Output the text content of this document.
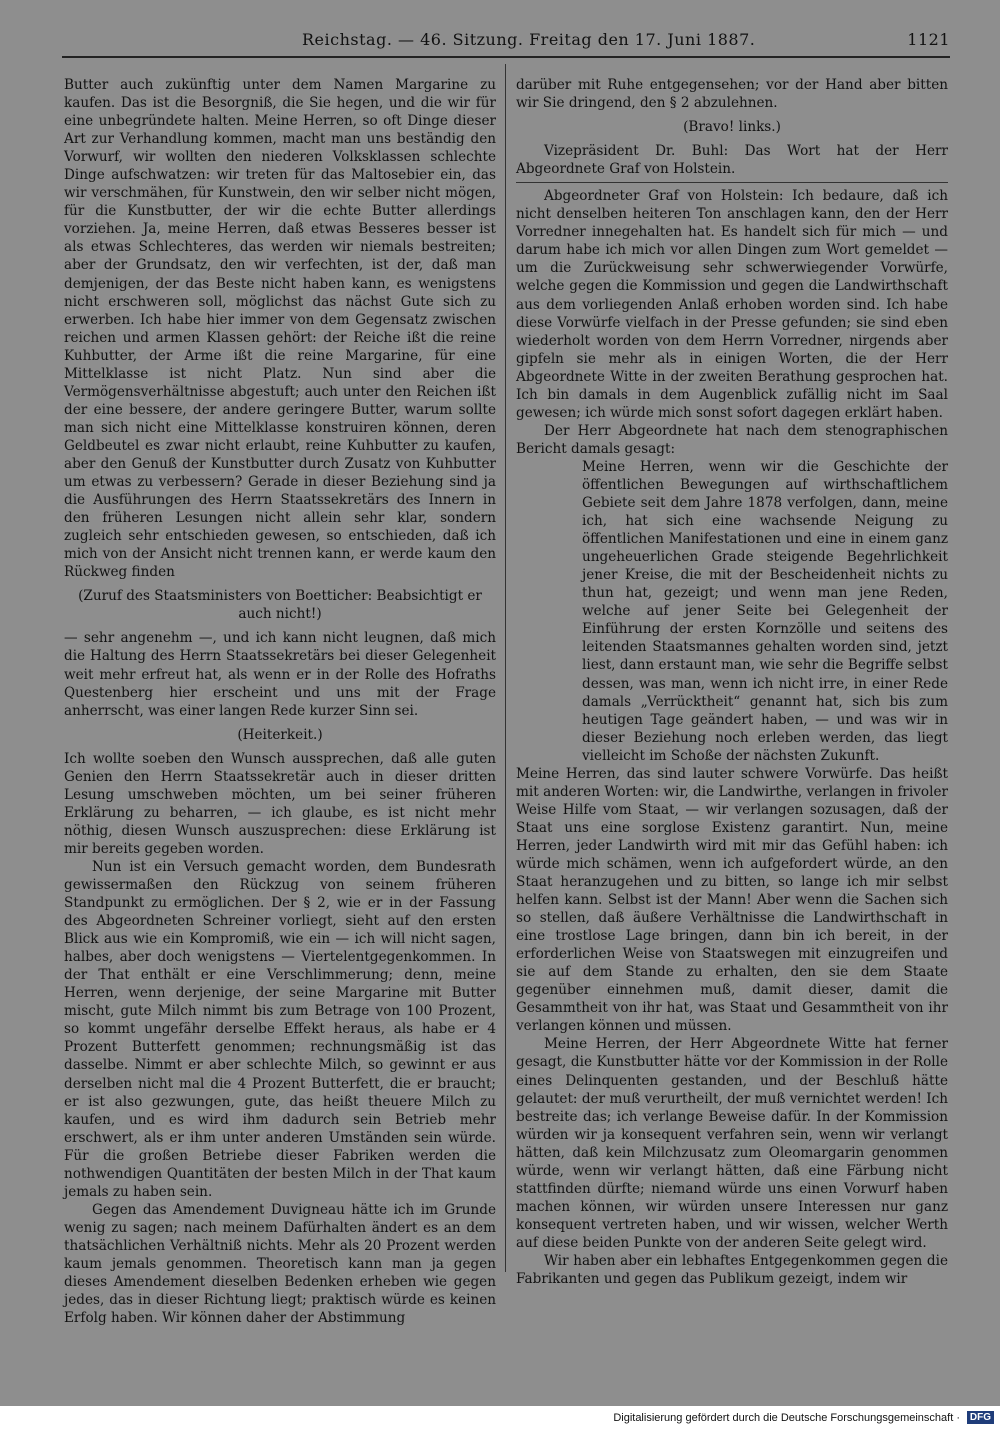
Reichstag. — 46. Sitzung. Freitag den 17. Juni 1887.	1121

Butter auch zukünftig unter dem Namen Margarine zu kaufen. Das ist die Besorgniß, die Sie hegen, und die wir für eine unbegründete halten. Meine Herren, so oft Dinge dieser Art zur Verhandlung kommen, macht man uns beständig den Vorwurf, wir wollten den niederen Volksklassen schlechte Dinge aufschwatzen: wir treten für das Maltosebier ein, das wir verschmähen, für Kunstwein, den wir selber nicht mögen, für die Kunstbutter, der wir die echte Butter allerdings vorziehen. Ja, meine Herren, daß etwas Besseres besser ist als etwas Schlechteres, das werden wir niemals bestreiten; aber der Grundsatz, den wir verfechten, ist der, daß man demjenigen, der das Beste nicht haben kann, es wenigstens nicht erschweren soll, möglichst das nächst Gute sich zu erwerben. Ich habe hier immer von dem Gegensatz zwischen reichen und armen Klassen gehört: der Reiche ißt die reine Kuhbutter, der Arme ißt die reine Margarine, für eine Mittelklasse ist nicht Platz. Nun sind aber die Vermögensverhältnisse abgestuft; auch unter den Reichen ißt der eine bessere, der andere geringere Butter, warum sollte man sich nicht eine Mittelklasse konstruiren können, deren Geldbeutel es zwar nicht erlaubt, reine Kuhbutter zu kaufen, aber den Genuß der Kunstbutter durch Zusatz von Kuhbutter um etwas zu verbessern? Gerade in dieser Beziehung sind ja die Ausführungen des Herrn Staatssekretärs des Innern in den früheren Lesungen nicht allein sehr klar, sondern zugleich sehr entschieden gewesen, so entschieden, daß ich mich von der Ansicht nicht trennen kann, er werde kaum den Rückweg finden

(Zuruf des Staatsministers von Boetticher: Beabsichtigt er auch nicht!)

— sehr angenehm —, und ich kann nicht leugnen, daß mich die Haltung des Herrn Staatssekretärs bei dieser Gelegenheit weit mehr erfreut hat, als wenn er in der Rolle des Hofraths Questenberg hier erscheint und uns mit der Frage anherrscht, was einer langen Rede kurzer Sinn sei.

(Heiterkeit.)

Ich wollte soeben den Wunsch aussprechen, daß alle guten Genien den Herrn Staatssekretär auch in dieser dritten Lesung umschweben möchten, um bei seiner früheren Erklärung zu beharren, — ich glaube, es ist nicht mehr nöthig, diesen Wunsch auszusprechen: diese Erklärung ist mir bereits gegeben worden.

Nun ist ein Versuch gemacht worden, dem Bundesrath gewissermaßen den Rückzug von seinem früheren Standpunkt zu ermöglichen. Der § 2, wie er in der Fassung des Abgeordneten Schreiner vorliegt, sieht auf den ersten Blick aus wie ein Kompromiß, wie ein — ich will nicht sagen, halbes, aber doch wenigstens — Viertelentgegenkommen. In der That enthält er eine Verschlimmerung; denn, meine Herren, wenn derjenige, der seine Margarine mit Butter mischt, gute Milch nimmt bis zum Betrage von 100 Prozent, so kommt ungefähr derselbe Effekt heraus, als habe er 4 Prozent Butterfett genommen; rechnungsmäßig ist das dasselbe. Nimmt er aber schlechte Milch, so gewinnt er aus derselben nicht mal die 4 Prozent Butterfett, die er braucht; er ist also gezwungen, gute, das heißt theuere Milch zu kaufen, und es wird ihm dadurch sein Betrieb mehr erschwert, als er ihm unter anderen Umständen sein würde. Für die großen Betriebe dieser Fabriken werden die nothwendigen Quantitäten der besten Milch in der That kaum jemals zu haben sein.

Gegen das Amendement Duvigneau hätte ich im Grunde wenig zu sagen; nach meinem Dafürhalten ändert es an dem thatsächlichen Verhältniß nichts. Mehr als 20 Prozent werden kaum jemals genommen. Theoretisch kann man ja gegen dieses Amendement dieselben Bedenken erheben wie gegen jedes, das in dieser Richtung liegt; praktisch würde es keinen Erfolg haben. Wir können daher der Abstimmung

darüber mit Ruhe entgegensehen; vor der Hand aber bitten wir Sie dringend, den § 2 abzulehnen.

(Bravo! links.)

Vizepräsident Dr. Buhl: Das Wort hat der Herr Abgeordnete Graf von Holstein.

Abgeordneter Graf von Holstein: Ich bedaure, daß ich nicht denselben heiteren Ton anschlagen kann, den der Herr Vorredner innegehalten hat. Es handelt sich für mich — und darum habe ich mich vor allen Dingen zum Wort gemeldet — um die Zurückweisung sehr schwerwiegender Vorwürfe, welche gegen die Kommission und gegen die Landwirthschaft aus dem vorliegenden Anlaß erhoben worden sind. Ich habe diese Vorwürfe vielfach in der Presse gefunden; sie sind eben wiederholt worden von dem Herrn Vorredner, nirgends aber gipfeln sie mehr als in einigen Worten, die der Herr Abgeordnete Witte in der zweiten Berathung gesprochen hat. Ich bin damals in dem Augenblick zufällig nicht im Saal gewesen; ich würde mich sonst sofort dagegen erklärt haben.

Der Herr Abgeordnete hat nach dem stenographischen Bericht damals gesagt:

Meine Herren, wenn wir die Geschichte der öffentlichen Bewegungen auf wirthschaftlichem Gebiete seit dem Jahre 1878 verfolgen, dann, meine ich, hat sich eine wachsende Neigung zu öffentlichen Manifestationen und eine in einem ganz ungeheuerlichen Grade steigende Begehrlichkeit jener Kreise, die mit der Bescheidenheit nichts zu thun hat, gezeigt; und wenn man jene Reden, welche auf jener Seite bei Gelegenheit der Einführung der ersten Kornzölle und seitens des leitenden Staatsmannes gehalten worden sind, jetzt liest, dann erstaunt man, wie sehr die Begriffe selbst dessen, was man, wenn ich nicht irre, in einer Rede damals „Verrücktheit“ genannt hat, sich bis zum heutigen Tage geändert haben, — und was wir in dieser Beziehung noch erleben werden, das liegt vielleicht im Schoße der nächsten Zukunft.

Meine Herren, das sind lauter schwere Vorwürfe. Das heißt mit anderen Worten: wir, die Landwirthe, verlangen in frivoler Weise Hilfe vom Staat, — wir verlangen sozusagen, daß der Staat uns eine sorglose Existenz garantirt. Nun, meine Herren, jeder Landwirth wird mit mir das Gefühl haben: ich würde mich schämen, wenn ich aufgefordert würde, an den Staat heranzugehen und zu bitten, so lange ich mir selbst helfen kann. Selbst ist der Mann! Aber wenn die Sachen sich so stellen, daß äußere Verhältnisse die Landwirthschaft in eine trostlose Lage bringen, dann bin ich bereit, in der erforderlichen Weise von Staatswegen mit einzugreifen und sie auf dem Stande zu erhalten, den sie dem Staate gegenüber einnehmen muß, damit dieser, damit die Gesammtheit von ihr hat, was Staat und Gesammtheit von ihr verlangen können und müssen.

Meine Herren, der Herr Abgeordnete Witte hat ferner gesagt, die Kunstbutter hätte vor der Kommission in der Rolle eines Delinquenten gestanden, und der Beschluß hätte gelautet: der muß verurtheilt, der muß vernichtet werden! Ich bestreite das; ich verlange Beweise dafür. In der Kommission würden wir ja konsequent verfahren sein, wenn wir verlangt hätten, daß kein Milchzusatz zum Oleomargarin genommen würde, wenn wir verlangt hätten, daß eine Färbung nicht stattfinden dürfte; niemand würde uns einen Vorwurf haben machen können, wir würden unsere Interessen nur ganz konsequent vertreten haben, und wir wissen, welcher Werth auf diese beiden Punkte von der anderen Seite gelegt wird.

Wir haben aber ein lebhaftes Entgegenkommen gegen die Fabrikanten und gegen das Publikum gezeigt, indem wir

Digitalisierung gefördert durch die Deutsche Forschungsgemeinschaft · DFG
